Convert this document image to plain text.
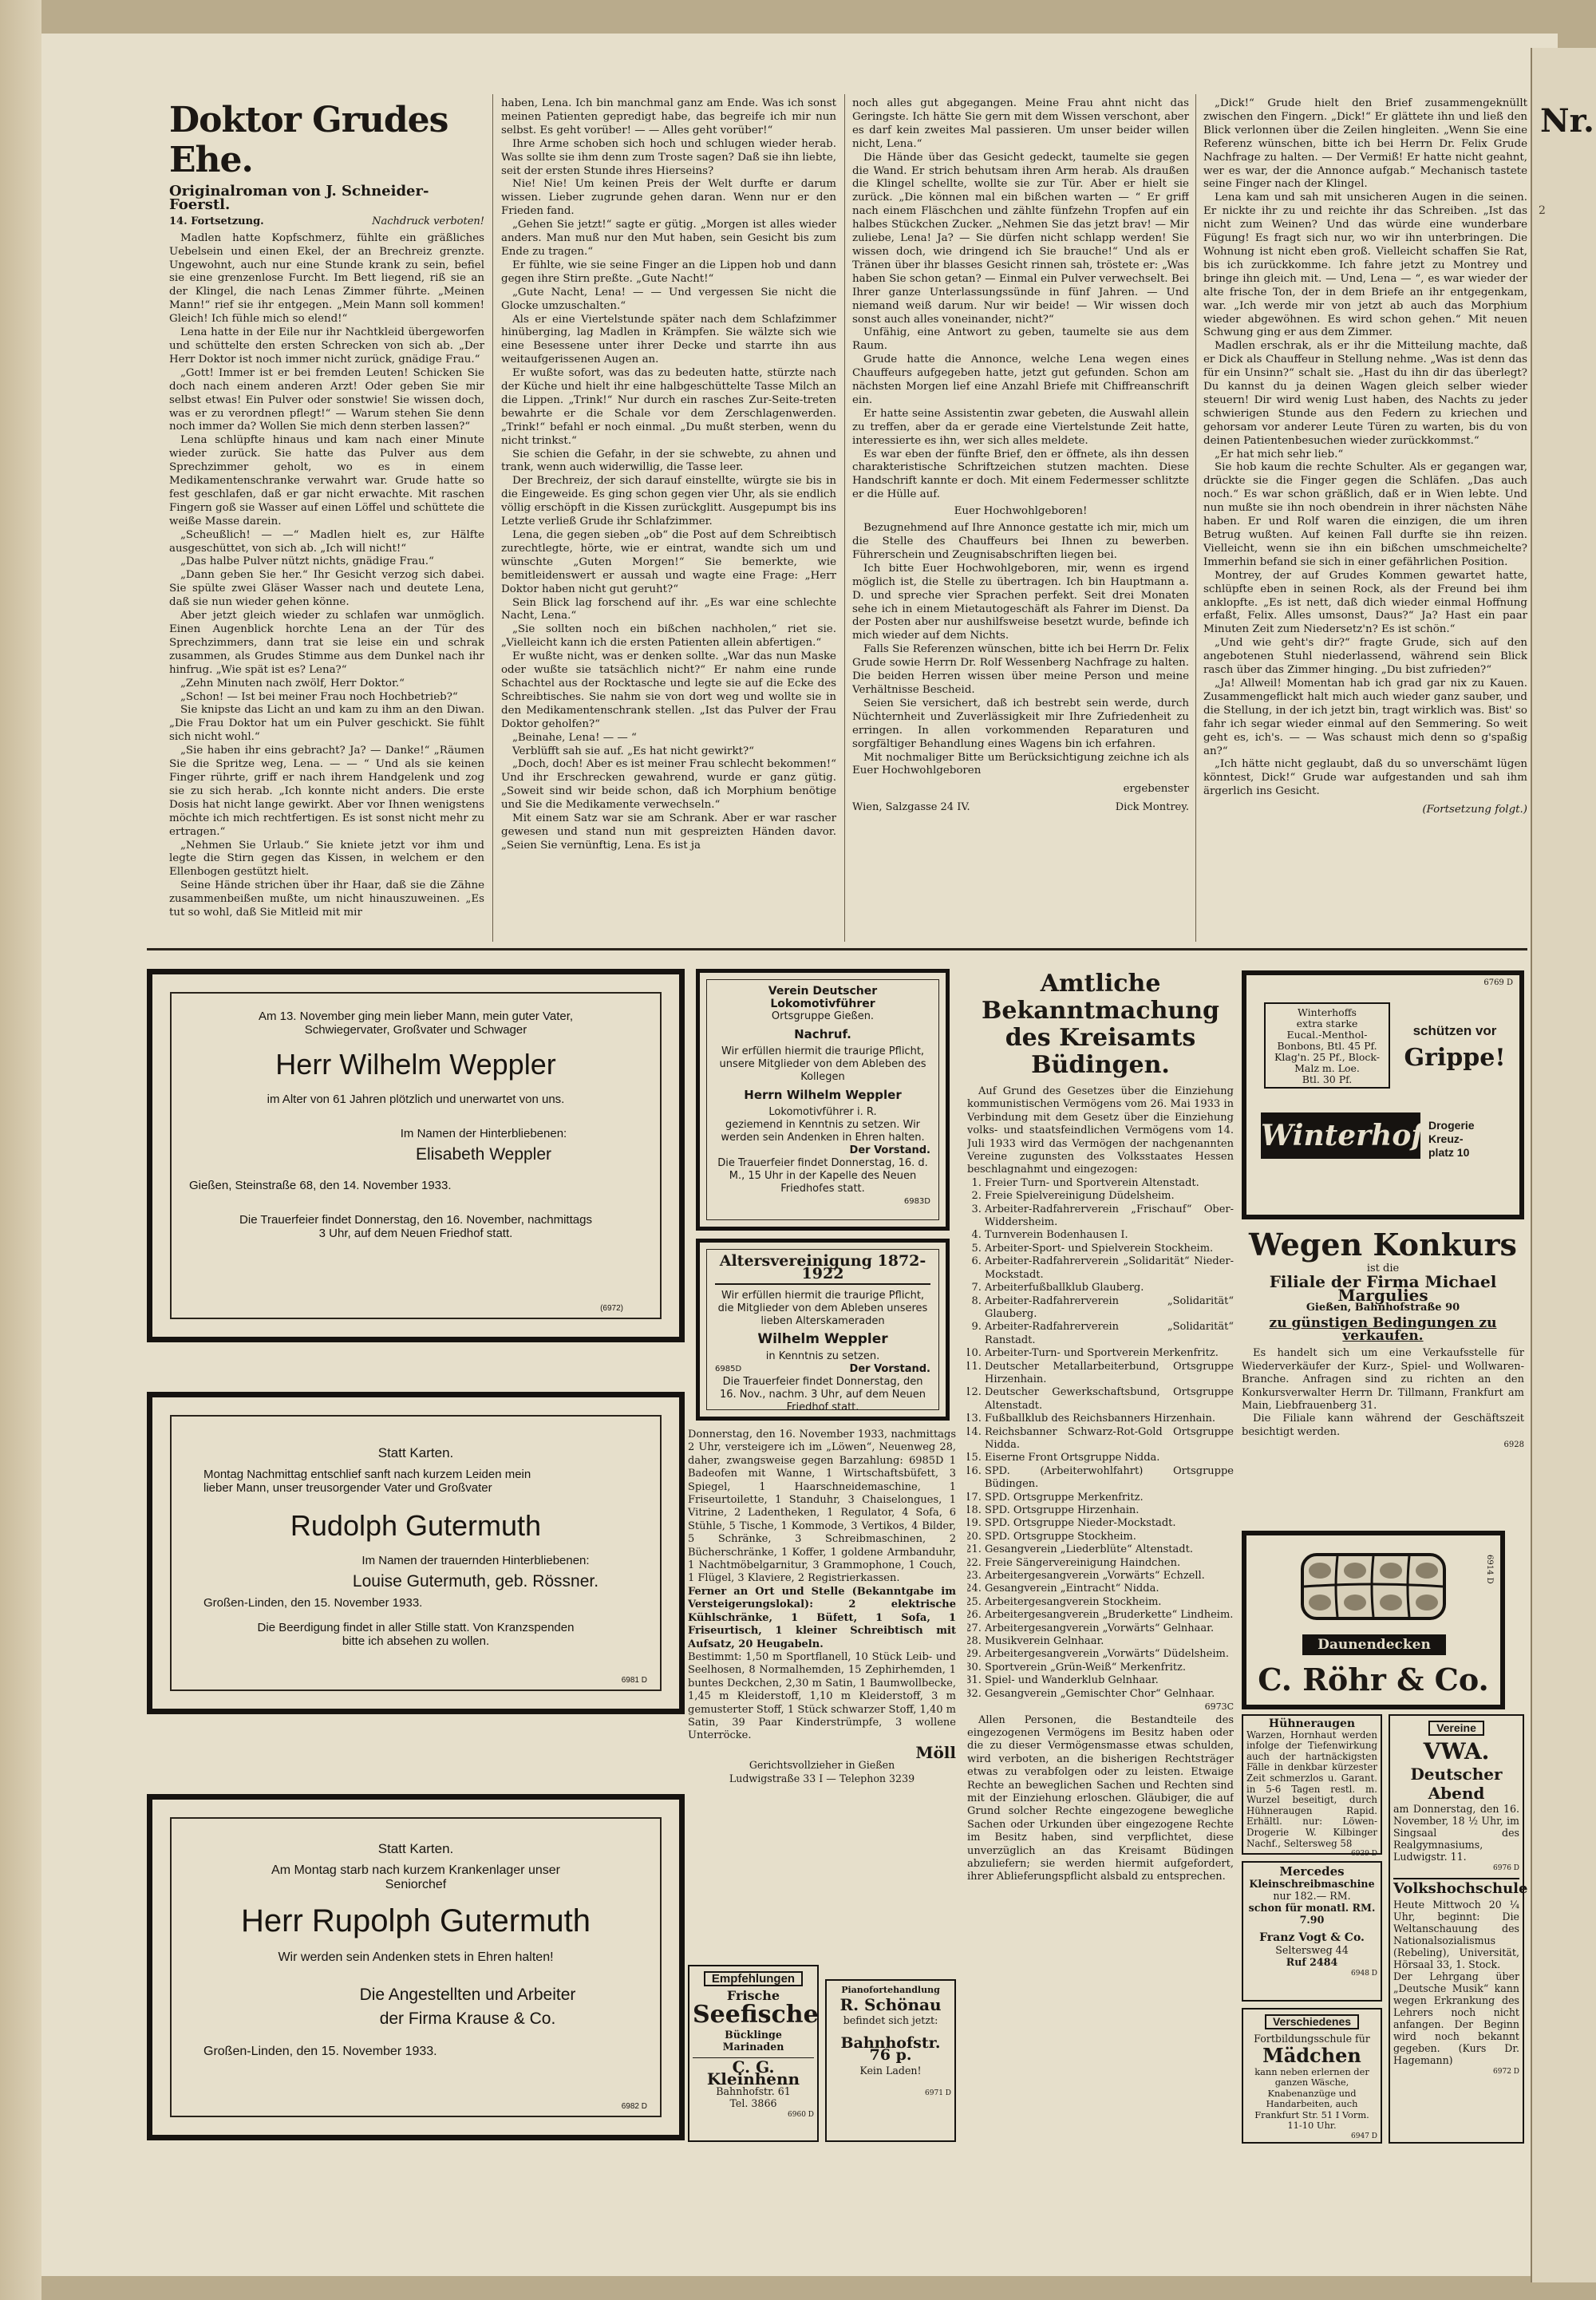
Nr.
2
Doktor Grudes Ehe.
Originalroman von J. Schneider-Foerstl.
14. Fortsetzung.	Nachdruck verboten!

Madlen hatte Kopfschmerz, fühlte ein gräßliches Uebelsein und einen Ekel, der an Brechreiz grenzte. Ungewohnt, auch nur eine Stunde krank zu sein, befiel sie eine grenzenlose Furcht. Im Bett liegend, riß sie an der Klingel, die nach Lenas Zimmer führte. „Meinen Mann!“ rief sie ihr entgegen. „Mein Mann soll kommen! Gleich! Ich fühle mich so elend!“

Lena hatte in der Eile nur ihr Nachtkleid übergeworfen und schüttelte den ersten Schrecken von sich ab. „Der Herr Doktor ist noch immer nicht zurück, gnädige Frau.“

„Gott! Immer ist er bei fremden Leuten! Schicken Sie doch nach einem anderen Arzt! Oder geben Sie mir selbst etwas! Ein Pulver oder sonstwie! Sie wissen doch, was er zu verordnen pflegt!“ — Warum stehen Sie denn noch immer da? Wollen Sie mich denn sterben lassen?“

Lena schlüpfte hinaus und kam nach einer Minute wieder zurück. Sie hatte das Pulver aus dem Sprechzimmer geholt, wo es in einem Medikamentenschranke verwahrt war. Grude hatte so fest geschlafen, daß er gar nicht erwachte. Mit raschen Fingern goß sie Wasser auf einen Löffel und schüttete die weiße Masse darein.

„Scheußlich! — —“ Madlen hielt es, zur Hälfte ausgeschüttet, von sich ab. „Ich will nicht!“

„Das halbe Pulver nützt nichts, gnädige Frau.“

„Dann geben Sie her.“ Ihr Gesicht verzog sich dabei. Sie spülte zwei Gläser Wasser nach und deutete Lena, daß sie nun wieder gehen könne.

Aber jetzt gleich wieder zu schlafen war unmöglich. Einen Augenblick horchte Lena an der Tür des Sprechzimmers, dann trat sie leise ein und schrak zusammen, als Grudes Stimme aus dem Dunkel nach ihr hinfrug. „Wie spät ist es? Lena?“

„Zehn Minuten nach zwölf, Herr Doktor.“

„Schon! — Ist bei meiner Frau noch Hochbetrieb?“

Sie knipste das Licht an und kam zu ihm an den Diwan. „Die Frau Doktor hat um ein Pulver geschickt. Sie fühlt sich nicht wohl.“

„Sie haben ihr eins gebracht? Ja? — Danke!“ „Räumen Sie die Spritze weg, Lena. — — “ Und als sie keinen Finger rührte, griff er nach ihrem Handgelenk und zog sie zu sich herab. „Ich konnte nicht anders. Die erste Dosis hat nicht lange gewirkt. Aber vor Ihnen wenigstens möchte ich mich rechtfertigen. Es ist sonst nicht mehr zu ertragen.“

„Nehmen Sie Urlaub.“ Sie kniete jetzt vor ihm und legte die Stirn gegen das Kissen, in welchem er den Ellenbogen gestützt hielt.

Seine Hände strichen über ihr Haar, daß sie die Zähne zusammenbeißen mußte, um nicht hinauszuweinen. „Es tut so wohl, daß Sie Mitleid mit mir

haben, Lena. Ich bin manchmal ganz am Ende. Was ich sonst meinen Patienten gepredigt habe, das begreife ich mir nun selbst. Es geht vorüber! — — Alles geht vorüber!“

Ihre Arme schoben sich hoch und schlugen wieder herab. Was sollte sie ihm denn zum Troste sagen? Daß sie ihn liebte, seit der ersten Stunde ihres Hierseins?

Nie! Nie! Um keinen Preis der Welt durfte er darum wissen. Lieber zugrunde gehen daran. Wenn nur er den Frieden fand.

„Gehen Sie jetzt!“ sagte er gütig. „Morgen ist alles wieder anders. Man muß nur den Mut haben, sein Gesicht bis zum Ende zu tragen.“

Er fühlte, wie sie seine Finger an die Lippen hob und dann gegen ihre Stirn preßte. „Gute Nacht!“

„Gute Nacht, Lena! — — Und vergessen Sie nicht die Glocke umzuschalten.“

Als er eine Viertelstunde später nach dem Schlafzimmer hinüberging, lag Madlen in Krämpfen. Sie wälzte sich wie eine Besessene unter ihrer Decke und starrte ihn aus weitaufgerissenen Augen an.

Er wußte sofort, was das zu bedeuten hatte, stürzte nach der Küche und hielt ihr eine halbgeschüttelte Tasse Milch an die Lippen. „Trink!“ Nur durch ein rasches Zur-Seite-treten bewahrte er die Schale vor dem Zerschlagenwerden. „Trink!“ befahl er noch einmal. „Du mußt sterben, wenn du nicht trinkst.“

Sie schien die Gefahr, in der sie schwebte, zu ahnen und trank, wenn auch widerwillig, die Tasse leer.

Der Brechreiz, der sich darauf einstellte, würgte sie bis in die Eingeweide. Es ging schon gegen vier Uhr, als sie endlich völlig erschöpft in die Kissen zurückglitt. Ausgepumpt bis ins Letzte verließ Grude ihr Schlafzimmer.

Lena, die gegen sieben „ob“ die Post auf dem Schreibtisch zurechtlegte, hörte, wie er eintrat, wandte sich um und wünschte „Guten Morgen!“ Sie bemerkte, wie bemitleidenswert er aussah und wagte eine Frage: „Herr Doktor haben nicht gut geruht?“

Sein Blick lag forschend auf ihr. „Es war eine schlechte Nacht, Lena.“

„Sie sollten noch ein bißchen nachholen,“ riet sie. „Vielleicht kann ich die ersten Patienten allein abfertigen.“

Er wußte nicht, was er denken sollte. „War das nun Maske oder wußte sie tatsächlich nicht?“ Er nahm eine runde Schachtel aus der Rocktasche und legte sie auf die Ecke des Schreibtisches. Sie nahm sie von dort weg und wollte sie in den Medikamentenschrank stellen. „Ist das Pulver der Frau Doktor geholfen?“

„Beinahe, Lena! — — “

Verblüfft sah sie auf. „Es hat nicht gewirkt?“

„Doch, doch! Aber es ist meiner Frau schlecht bekommen!“ Und ihr Erschrecken gewahrend, wurde er ganz gütig. „Soweit sind wir beide schon, daß ich Morphium benötige und Sie die Medikamente verwechseln.“

Mit einem Satz war sie am Schrank. Aber er war rascher gewesen und stand nun mit gespreizten Händen davor. „Seien Sie vernünftig, Lena. Es ist ja

noch alles gut abgegangen. Meine Frau ahnt nicht das Geringste. Ich hätte Sie gern mit dem Wissen verschont, aber es darf kein zweites Mal passieren. Um unser beider willen nicht, Lena.“

Die Hände über das Gesicht gedeckt, taumelte sie gegen die Wand. Er strich behutsam ihren Arm herab. Als draußen die Klingel schellte, wollte sie zur Tür. Aber er hielt sie zurück. „Die können mal ein bißchen warten — “ Er griff nach einem Fläschchen und zählte fünfzehn Tropfen auf ein halbes Stückchen Zucker. „Nehmen Sie das jetzt brav! — Mir zuliebe, Lena! Ja? — Sie dürfen nicht schlapp werden! Sie wissen doch, wie dringend ich Sie brauche!“ Und als er Tränen über ihr blasses Gesicht rinnen sah, tröstete er: „Was haben Sie schon getan? — Einmal ein Pulver verwechselt. Bei Ihrer ganze Unterlassungssünde in fünf Jahren. — Und niemand weiß darum. Nur wir beide! — Wir wissen doch sonst auch alles voneinander, nicht?“

Unfähig, eine Antwort zu geben, taumelte sie aus dem Raum.

Grude hatte die Annonce, welche Lena wegen eines Chauffeurs aufgegeben hatte, jetzt gut gefunden. Schon am nächsten Morgen lief eine Anzahl Briefe mit Chiffreanschrift ein.

Er hatte seine Assistentin zwar gebeten, die Auswahl allein zu treffen, aber da er gerade eine Viertelstunde Zeit hatte, interessierte es ihn, wer sich alles meldete.

Es war eben der fünfte Brief, den er öffnete, als ihn dessen charakteristische Schriftzeichen stutzen machten. Diese Handschrift kannte er doch. Mit einem Federmesser schlitzte er die Hülle auf.

Euer Hochwohlgeboren!

Bezugnehmend auf Ihre Annonce gestatte ich mir, mich um die Stelle des Chauffeurs bei Ihnen zu bewerben. Führerschein und Zeugnisabschriften liegen bei.

Ich bitte Euer Hochwohlgeboren, mir, wenn es irgend möglich ist, die Stelle zu übertragen. Ich bin Hauptmann a. D. und spreche vier Sprachen perfekt. Seit drei Monaten sehe ich in einem Mietautogeschäft als Fahrer im Dienst. Da der Posten aber nur aushilfsweise besetzt wurde, befinde ich mich wieder auf dem Nichts.

Falls Sie Referenzen wünschen, bitte ich bei Herrn Dr. Felix Grude sowie Herrn Dr. Rolf Wessenberg Nachfrage zu halten. Die beiden Herren wissen über meine Person und meine Verhältnisse Bescheid.

Seien Sie versichert, daß ich bestrebt sein werde, durch Nüchternheit und Zuverlässigkeit mir Ihre Zufriedenheit zu erringen. In allen vorkommenden Reparaturen und sorgfältiger Behandlung eines Wagens bin ich erfahren.

Mit nochmaliger Bitte um Berücksichtigung zeichne ich als Euer Hochwohlgeboren

ergebenster
Wien, Salzgasse 24 IV.	Dick Montrey.

„Dick!“ Grude hielt den Brief zusammengeknüllt zwischen den Fingern. „Dick!“ Er glättete ihn und ließ den Blick verlonnen über die Zeilen hingleiten. „Wenn Sie eine Referenz wünschen, bitte ich bei Herrn Dr. Felix Grude Nachfrage zu halten. — Der Vermiß! Er hatte nicht geahnt, wer es war, der die Annonce aufgab.“ Mechanisch tastete seine Finger nach der Klingel.

Lena kam und sah mit unsicheren Augen in die seinen. Er nickte ihr zu und reichte ihr das Schreiben. „Ist das nicht zum Weinen? Und das würde eine wunderbare Fügung! Es fragt sich nur, wo wir ihn unterbringen. Die Wohnung ist nicht eben groß. Vielleicht schaffen Sie Rat, bis ich zurückkomme. Ich fahre jetzt zu Montrey und bringe ihn gleich mit. — Und, Lena — “, es war wieder der alte frische Ton, der in dem Briefe an ihr entgegenkam, war. „Ich werde mir von jetzt ab auch das Morphium wieder abgewöhnen. Es wird schon gehen.“ Mit neuen Schwung ging er aus dem Zimmer.

Madlen erschrak, als er ihr die Mitteilung machte, daß er Dick als Chauffeur in Stellung nehme. „Was ist denn das für ein Unsinn?“ schalt sie. „Hast du ihn dir das überlegt? Du kannst du ja deinen Wagen gleich selber wieder steuern! Dir wird wenig Lust haben, des Nachts zu jeder schwierigen Stunde aus den Federn zu kriechen und gehorsam vor anderer Leute Türen zu warten, bis du von deinen Patientenbesuchen wieder zurückkommst.“

„Er hat mich sehr lieb.“

Sie hob kaum die rechte Schulter. Als er gegangen war, drückte sie die Finger gegen die Schläfen. „Das auch noch.“ Es war schon gräßlich, daß er in Wien lebte. Und nun mußte sie ihn noch obendrein in ihrer nächsten Nähe haben. Er und Rolf waren die einzigen, die um ihren Betrug wußten. Auf keinen Fall durfte sie ihn reizen. Vielleicht, wenn sie ihn ein bißchen umschmeichelte? Immerhin befand sie sich in einer gefährlichen Position.

Montrey, der auf Grudes Kommen gewartet hatte, schlüpfte eben in seinen Rock, als der Freund bei ihm anklopfte. „Es ist nett, daß dich wieder einmal Hoffnung erfaßt, Felix. Alles umsonst, Daus?“ Ja? Hast ein paar Minuten Zeit zum Niedersetz'n? Es ist schön.“

„Und wie geht's dir?“ fragte Grude, sich auf den angebotenen Stuhl niederlassend, während sein Blick rasch über das Zimmer hinging. „Du bist zufrieden?“

„Ja! Allweil! Momentan hab ich grad gar nix zu Kauen. Zusammengeflickt halt mich auch wieder ganz sauber, und die Stellung, in der ich jetzt bin, tragt wirklich was. Bist' so fahr ich segar wieder einmal auf den Semmering. So weit geht es, ich's. — — Was schaust mich denn so g'spaßig an?“

„Ich hätte nicht geglaubt, daß du so unverschämt lügen könntest, Dick!“ Grude war aufgestanden und sah ihm ärgerlich ins Gesicht.

(Fortsetzung folgt.)
Am 13. November ging mein lieber Mann, mein guter Vater,
Schwiegervater, Großvater und Schwager
Herr Wilhelm Weppler
im Alter von 61 Jahren plötzlich und unerwartet von uns.
Im Namen der Hinterbliebenen:
Elisabeth Weppler
Gießen, Steinstraße 68, den 14. November 1933.
Die Trauerfeier findet Donnerstag, den 16. November, nachmittags
3 Uhr, auf dem Neuen Friedhof statt.
(6972)
Statt Karten.
Montag Nachmittag entschlief sanft nach kurzem Leiden mein
lieber Mann, unser treusorgender Vater und Großvater
Rudolph Gutermuth
Im Namen der trauernden Hinterbliebenen:
Louise Gutermuth, geb. Rössner.
Großen-Linden, den 15. November 1933.
Die Beerdigung findet in aller Stille statt. Von Kranzspenden
bitte ich absehen zu wollen.
6981 D
Statt Karten.
Am Montag starb nach kurzem Krankenlager unser
Seniorchef
Herr Rupolph Gutermuth
Wir werden sein Andenken stets in Ehren halten!
Die Angestellten und Arbeiter
der Firma Krause & Co.
Großen-Linden, den 15. November 1933.
6982 D
Verein Deutscher Lokomotivführer
Ortsgruppe Gießen.
Nachruf.
Wir erfüllen hiermit die traurige Pflicht, unsere Mitglieder von dem Ableben des Kollegen
Herrn Wilhelm Weppler
Lokomotivführer i. R.
geziemend in Kenntnis zu setzen. Wir werden sein Andenken in Ehren halten.
Der Vorstand.
Die Trauerfeier findet Donnerstag, 16. d. M., 15 Uhr in der Kapelle des Neuen Friedhofes statt.
6983D
Altersvereinigung 1872-1922
Wir erfüllen hiermit die traurige Pflicht, die Mitglieder von dem Ableben unseres lieben Alterskameraden
Wilhelm Weppler
in Kenntnis zu setzen.
6985D	Der Vorstand.
Die Trauerfeier findet Donnerstag, den 16. Nov., nachm. 3 Uhr, auf dem Neuen Friedhof statt.
Donnerstag, den 16. November 1933, nachmittags 2 Uhr, versteigere ich im „Löwen“, Neuenweg 28, daher, zwangsweise gegen Barzahlung: 6985D 1 Badeofen mit Wanne, 1 Wirtschaftsbüfett, 3 Spiegel, 1 Haarschneidemaschine, 1 Friseurtoilette, 1 Standuhr, 3 Chaiselongues, 1 Vitrine, 2 Ladentheken, 1 Regulator, 4 Sofa, 6 Stühle, 5 Tische, 1 Kommode, 3 Vertikos, 4 Bilder, 5 Schränke, 3 Schreibmaschinen, 2 Bücherschränke, 1 Koffer, 1 goldene Armbanduhr, 1 Nachtmöbelgarnitur, 3 Grammophone, 1 Couch, 1 Flügel, 3 Klaviere, 2 Registrierkassen.
Ferner an Ort und Stelle (Bekanntgabe im Versteigerungslokal): 2 elektrische Kühlschränke, 1 Büfett, 1 Sofa, 1 Friseurtisch, 1 kleiner Schreibtisch mit Aufsatz, 20 Heugabeln.
Bestimmt: 1,50 m Sportflanell, 10 Stück Leib- und Seelhosen, 8 Normalhemden, 15 Zephirhemden, 1 buntes Deckchen, 2,30 m Satin, 1 Baumwollbecke, 1,45 m Kleiderstoff, 1,10 m Kleiderstoff, 3 m gemusterter Stoff, 1 Stück schwarzer Stoff, 1,40 m Satin, 39 Paar Kinderstrümpfe, 3 wollene Unterröcke.
Möll
Gerichtsvollzieher in Gießen
Ludwigstraße 33 I — Telephon 3239
Empfehlungen
Frische
Seefische
Bücklinge Marinaden
C. G. Kleinhenn
Bahnhofstr. 61
Tel. 3866
6960 D
Pianofortehandlung
R. Schönau
befindet sich jetzt:
Bahnhofstr. 76 p.
Kein Laden!
6971 D
Amtliche Bekanntmachung des Kreisamts Büdingen.
Auf Grund des Gesetzes über die Einziehung kommunistischen Vermögens vom 26. Mai 1933 in Verbindung mit dem Gesetz über die Einziehung volks- und staatsfeindlichen Vermögens vom 14. Juli 1933 wird das Vermögen der nachgenannten Vereine zugunsten des Volksstaates Hessen beschlagnahmt und eingezogen:
1. Freier Turn- und Sportverein Altenstadt.
2. Freie Spielvereinigung Düdelsheim.
3. Arbeiter-Radfahrerverein „Frischauf“ Ober-Widdersheim.
4. Turnverein Bodenhausen I.
5. Arbeiter-Sport- und Spielverein Stockheim.
6. Arbeiter-Radfahrerverein „Solidarität“ Nieder-Mockstadt.
7. Arbeiterfußballklub Glauberg.
8. Arbeiter-Radfahrerverein „Solidarität“ Glauberg.
9. Arbeiter-Radfahrerverein „Solidarität“ Ranstadt.
10. Arbeiter-Turn- und Sportverein Merkenfritz.
11. Deutscher Metallarbeiterbund, Ortsgruppe Hirzenhain.
12. Deutscher Gewerkschaftsbund, Ortsgruppe Altenstadt.
13. Fußballklub des Reichsbanners Hirzenhain.
14. Reichsbanner Schwarz-Rot-Gold Ortsgruppe Nidda.
15. Eiserne Front Ortsgruppe Nidda.
16. SPD. (Arbeiterwohlfahrt) Ortsgruppe Büdingen.
17. SPD. Ortsgruppe Merkenfritz.
18. SPD. Ortsgruppe Hirzenhain.
19. SPD. Ortsgruppe Nieder-Mockstadt.
20. SPD. Ortsgruppe Stockheim.
21. Gesangverein „Liederblüte“ Altenstadt.
22. Freie Sängervereinigung Haindchen.
23. Arbeitergesangverein „Vorwärts“ Echzell.
24. Gesangverein „Eintracht“ Nidda.
25. Arbeitergesangverein Stockheim.
26. Arbeitergesangverein „Bruderkette“ Lindheim.
27. Arbeitergesangverein „Vorwärts“ Gelnhaar.
28. Musikverein Gelnhaar.
29. Arbeitergesangverein „Vorwärts“ Düdelsheim.
30. Sportverein „Grün-Weiß“ Merkenfritz.
31. Spiel- und Wanderklub Gelnhaar.
32. Gesangverein „Gemischter Chor“ Gelnhaar.
6973C
Allen Personen, die Bestandteile des eingezogenen Vermögens im Besitz haben oder die zu dieser Vermögensmasse etwas schulden, wird verboten, an die bisherigen Rechtsträger etwas zu verabfolgen oder zu leisten. Etwaige Rechte an beweglichen Sachen und Rechten sind mit der Einziehung erloschen. Gläubiger, die auf Grund solcher Rechte eingezogene bewegliche Sachen oder Urkunden über eingezogene Rechte im Besitz haben, sind verpflichtet, diese unverzüglich an das Kreisamt Büdingen abzuliefern; sie werden hiermit aufgefordert, ihrer Ablieferungspflicht alsbald zu entsprechen.
6769 D
Winterhoffs
extra starke
Eucal.-Menthol-
Bonbons, Btl. 45 Pf.
Klag'n. 25 Pf., Block-
Malz m. Loe.
Btl. 30 Pf.
schützen vor
Grippe!
Winterhoff
Drogerie
Kreuz-
platz 10
Wegen Konkurs
ist die
Filiale der Firma Michael Margulies
Gießen, Bahnhofstraße 90
zu günstigen Bedingungen zu verkaufen.
Es handelt sich um eine Verkaufsstelle für Wiederverkäufer der Kurz-, Spiel- und Wollwaren-Branche. Anfragen sind zu richten an den Konkursverwalter Herrn Dr. Tillmann, Frankfurt am Main, Liebfrauenberg 31.
Die Filiale kann während der Geschäftszeit besichtigt werden.
6928
Daunendecken
C. Röhr & Co.
6914 D
Hühneraugen
Warzen, Hornhaut werden infolge der Tiefenwirkung auch der hartnäckigsten Fälle in denkbar kürzester Zeit schmerzlos u. Garant. in 5-6 Tagen restl. m. Wurzel beseitigt, durch Hühneraugen Rapid. Erhältl. nur: Löwen-Drogerie W. Kilbinger Nachf., Seltersweg 58
6939 D
Mercedes
Kleinschreibmaschine
nur 182.— RM.
schon für monatl. RM. 7.90
Franz Vogt & Co.
Seltersweg 44
Ruf 2484
6948 D
Verschiedenes
Fortbildungsschule für
Mädchen
kann neben erlernen der ganzen Wäsche, Knabenanzüge und Handarbeiten, auch Frankfurt Str. 51 I Vorm. 11-10 Uhr.
6947 D
Vereine
VWA.
Deutscher Abend
am Donnerstag, den 16. November, 18 ½ Uhr, im Singsaal des Realgymnasiums, Ludwigstr. 11.
6976 D
Volkshochschule
Heute Mittwoch 20 ¼ Uhr, beginnt: Die Weltanschauung des Nationalsozialismus (Rebeling), Universität, Hörsaal 33, 1. Stock.
Der Lehrgang über „Deutsche Musik“ kann wegen Erkrankung des Lehrers noch nicht anfangen. Der Beginn wird noch bekannt gegeben. (Kurs Dr. Hagemann)
6972 D
